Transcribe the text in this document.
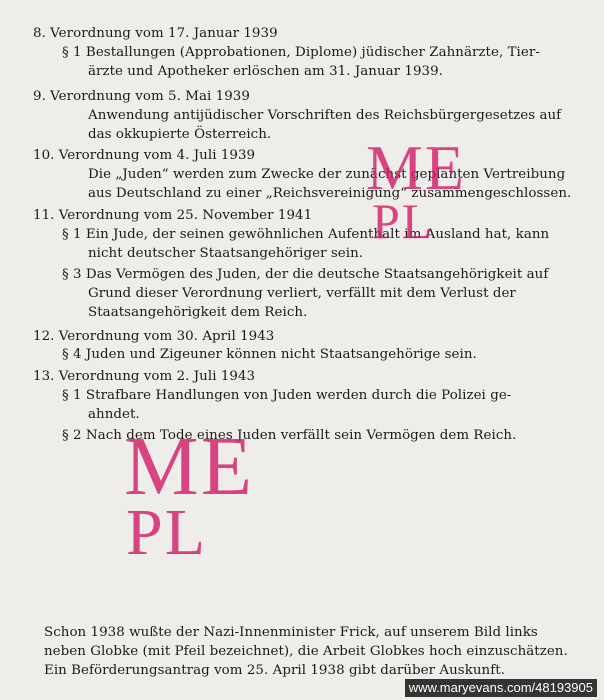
8. Verordnung vom 17. Januar 1939
§ 1 Bestallungen (Approbationen, Diplome) jüdischer Zahnärzte, Tier-
ärzte und Apotheker erlöschen am 31. Januar 1939.
9. Verordnung vom 5. Mai 1939
Anwendung antijüdischer Vorschriften des Reichsbürgergesetzes auf
das okkupierte Österreich.
10. Verordnung vom 4. Juli 1939
Die „Juden“ werden zum Zwecke der zunächst geplanten Vertreibung
aus Deutschland zu einer „Reichsvereinigung“ zusammengeschlossen.
11. Verordnung vom 25. November 1941
§ 1 Ein Jude, der seinen gewöhnlichen Aufenthalt im Ausland hat, kann
nicht deutscher Staatsangehöriger sein.
§ 3 Das Vermögen des Juden, der die deutsche Staatsangehörigkeit auf
Grund dieser Verordnung verliert, verfällt mit dem Verlust der
Staatsangehörigkeit dem Reich.
12. Verordnung vom 30. April 1943
§ 4 Juden und Zigeuner können nicht Staatsangehörige sein.
13. Verordnung vom 2. Juli 1943
§ 1 Strafbare Handlungen von Juden werden durch die Polizei ge-
ahndet.
§ 2 Nach dem Tode eines Juden verfällt sein Vermögen dem Reich.
Schon 1938 wußte der Nazi-Innenminister Frick, auf unserem Bild links
neben Globke (mit Pfeil bezeichnet), die Arbeit Globkes hoch einzuschätzen.
Ein Beförderungsantrag vom 25. April 1938 gibt darüber Auskunft.
ME
PL
ME
PL
www.maryevans.com/48193905
